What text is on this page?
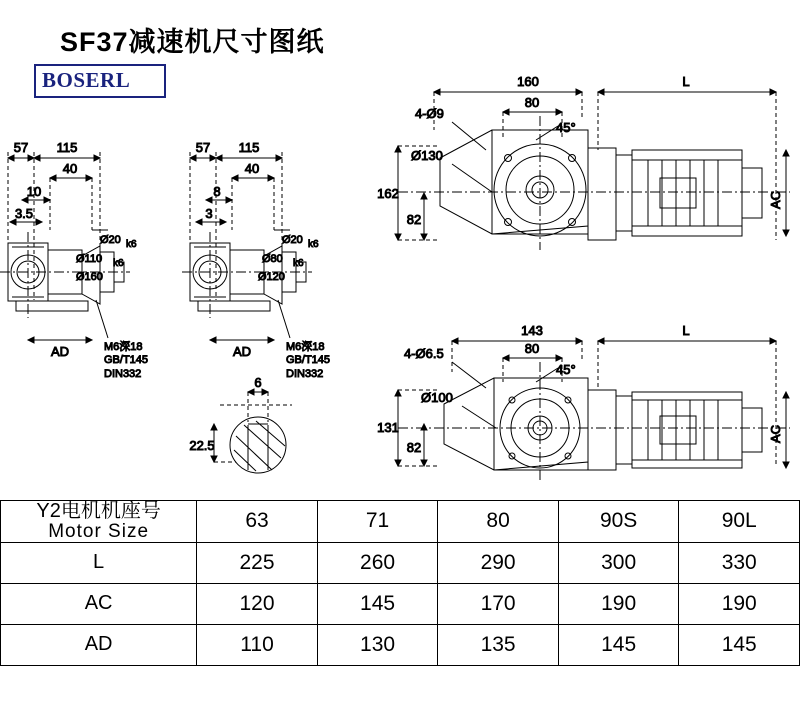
SF37减速机尺寸图纸
BOSERL
57 115
40
10
3.5
Ø20 k6
Ø110 k6
Ø160
AD	M6深18
GB/T145
DIN332
57 115
40
8
3
Ø20 k6
Ø80 k6
Ø120
AD	M6深18
GB/T145
DIN332
6
22.5
160
80
L
45°
4-Ø9
Ø130
162
82
AC
143
80
L
45°
4-Ø6.5
Ø100
131
82
AC
Y2电机机座号
Motor Size	63	71	80	90S	90L
L	225	260	290	300	330
AC	120	145	170	190	190
AD	110	130	135	145	145
